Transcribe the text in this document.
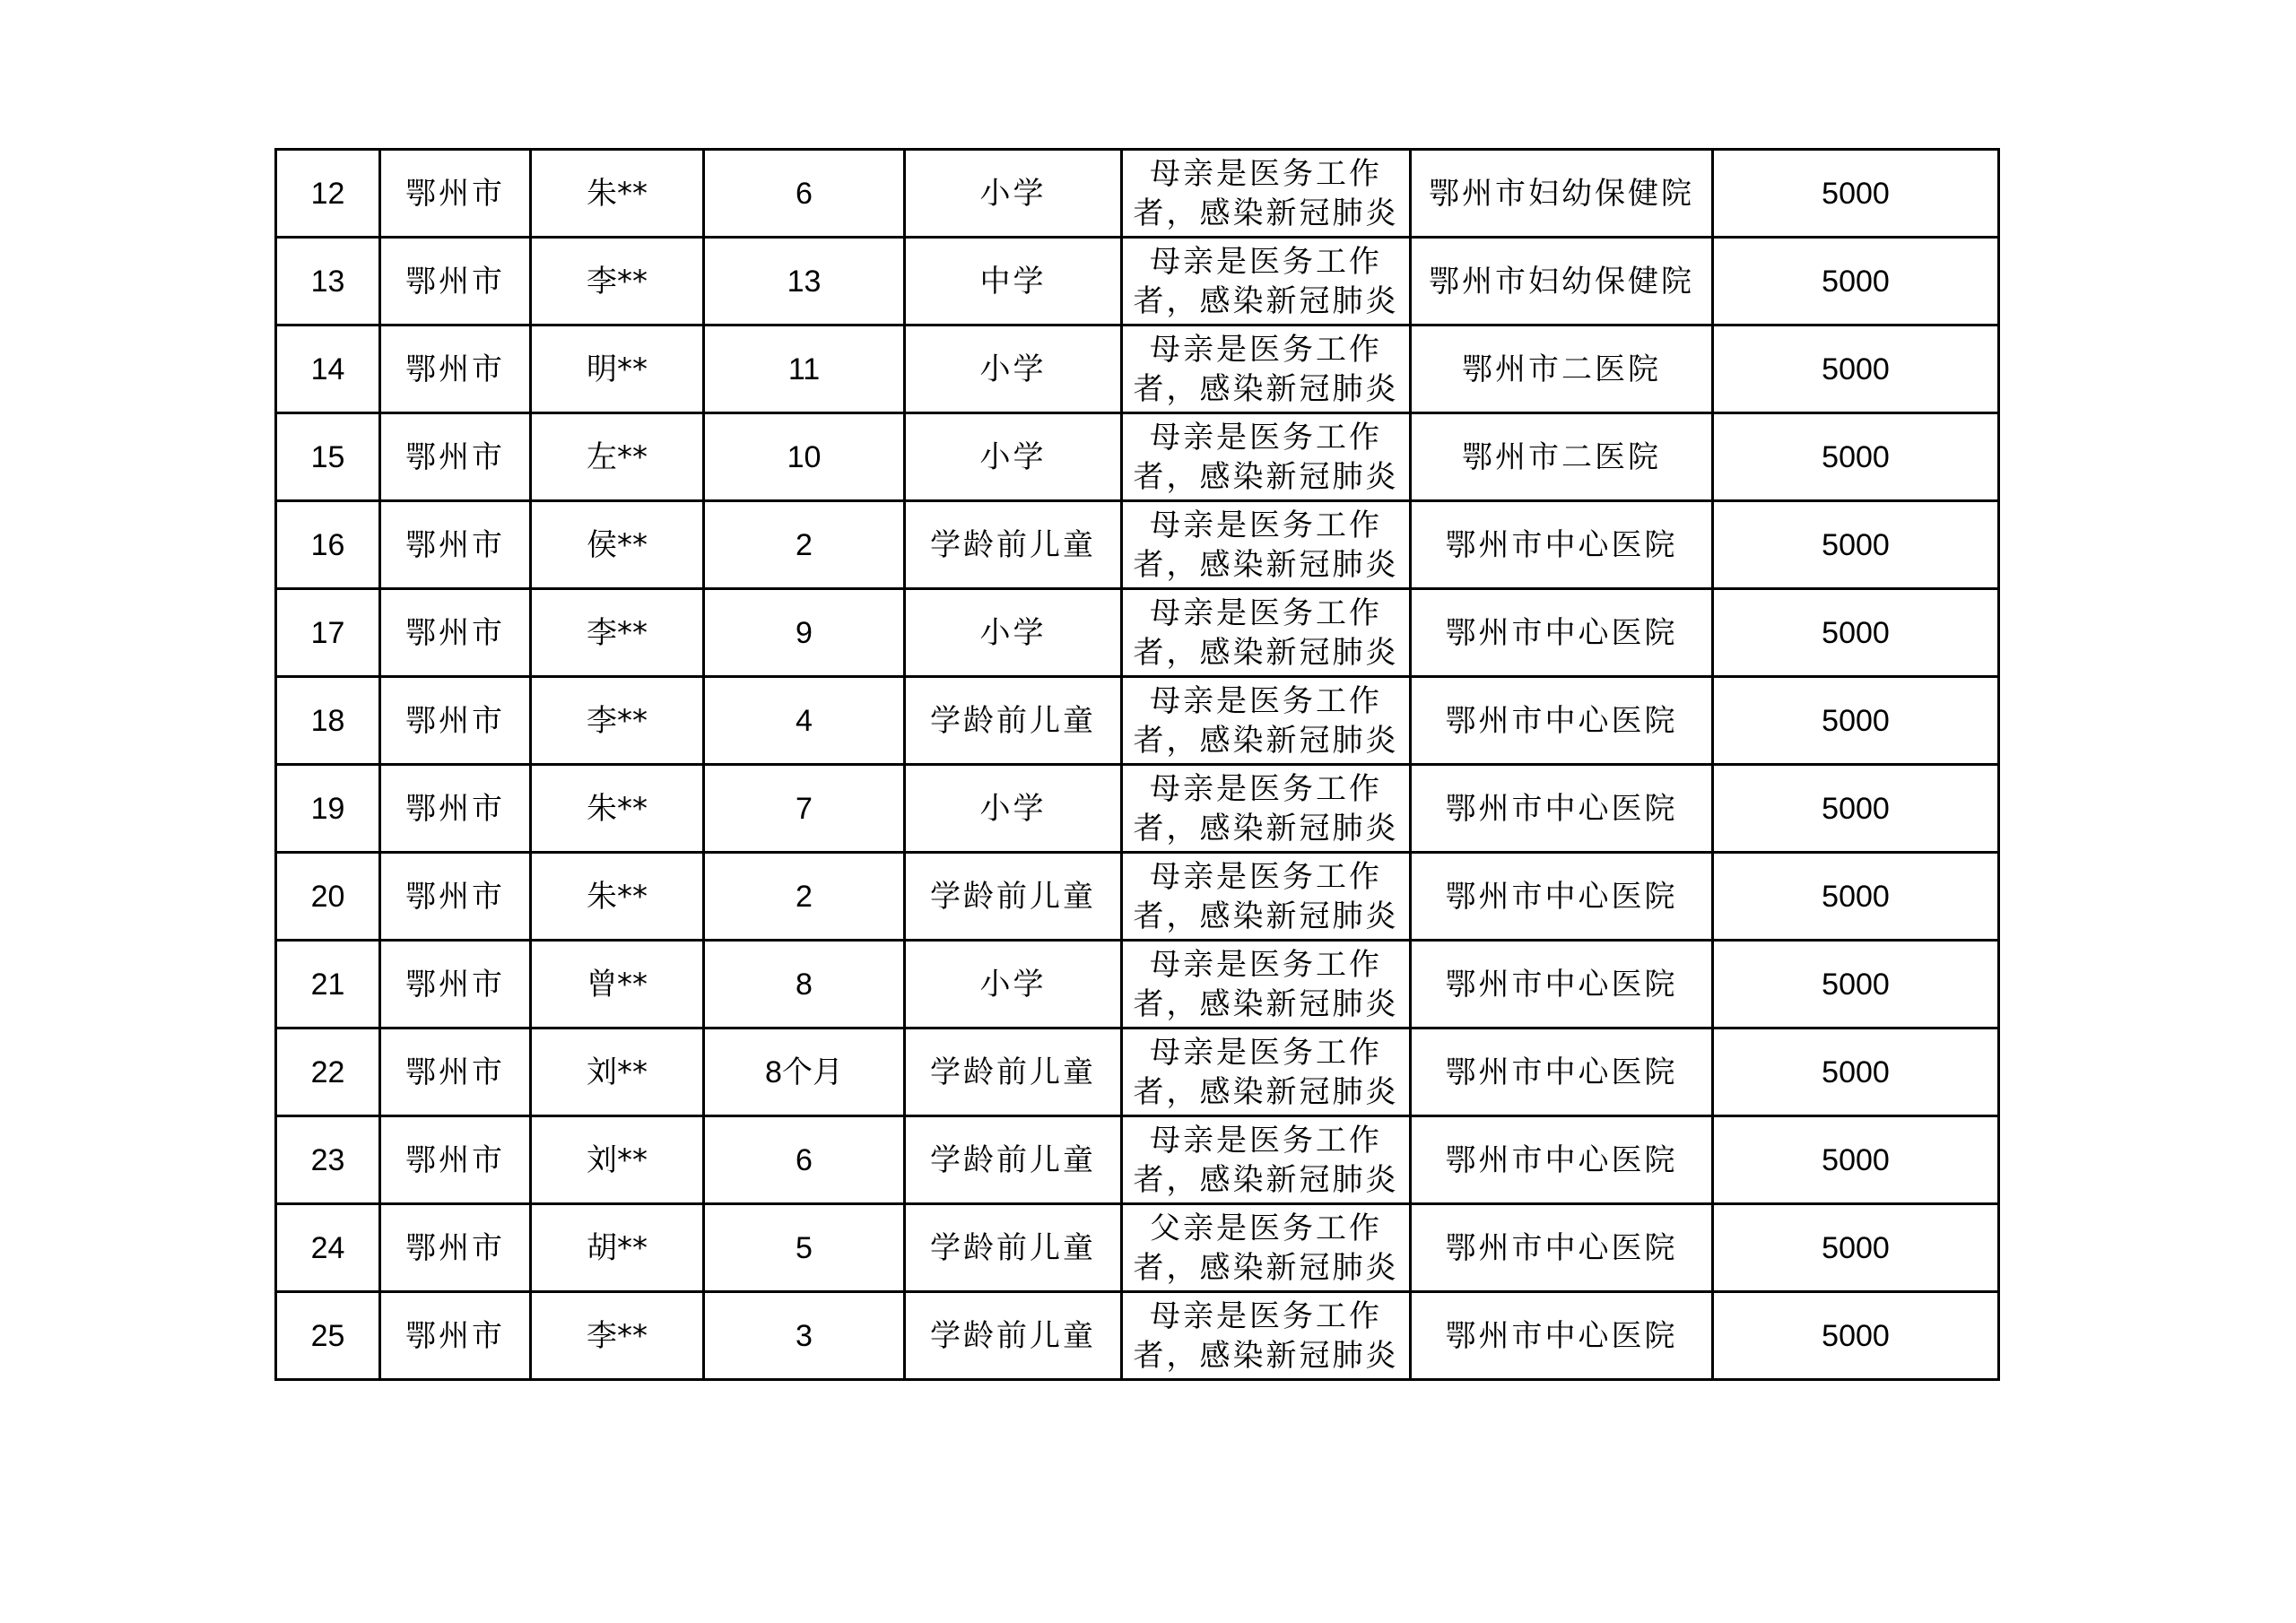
12	鄂州市	朱**	6	小学	母亲是医务工作
者，感染新冠肺炎	鄂州市妇幼保健院	5000
13	鄂州市	李**	13	中学	母亲是医务工作
者，感染新冠肺炎	鄂州市妇幼保健院	5000
14	鄂州市	明**	11	小学	母亲是医务工作
者，感染新冠肺炎	鄂州市二医院	5000
15	鄂州市	左**	10	小学	母亲是医务工作
者，感染新冠肺炎	鄂州市二医院	5000
16	鄂州市	侯**	2	学龄前儿童	母亲是医务工作
者，感染新冠肺炎	鄂州市中心医院	5000
17	鄂州市	李**	9	小学	母亲是医务工作
者，感染新冠肺炎	鄂州市中心医院	5000
18	鄂州市	李**	4	学龄前儿童	母亲是医务工作
者，感染新冠肺炎	鄂州市中心医院	5000
19	鄂州市	朱**	7	小学	母亲是医务工作
者，感染新冠肺炎	鄂州市中心医院	5000
20	鄂州市	朱**	2	学龄前儿童	母亲是医务工作
者，感染新冠肺炎	鄂州市中心医院	5000
21	鄂州市	曾**	8	小学	母亲是医务工作
者，感染新冠肺炎	鄂州市中心医院	5000
22	鄂州市	刘**	8个月	学龄前儿童	母亲是医务工作
者，感染新冠肺炎	鄂州市中心医院	5000
23	鄂州市	刘**	6	学龄前儿童	母亲是医务工作
者，感染新冠肺炎	鄂州市中心医院	5000
24	鄂州市	胡**	5	学龄前儿童	父亲是医务工作
者，感染新冠肺炎	鄂州市中心医院	5000
25	鄂州市	李**	3	学龄前儿童	母亲是医务工作
者，感染新冠肺炎	鄂州市中心医院	5000
